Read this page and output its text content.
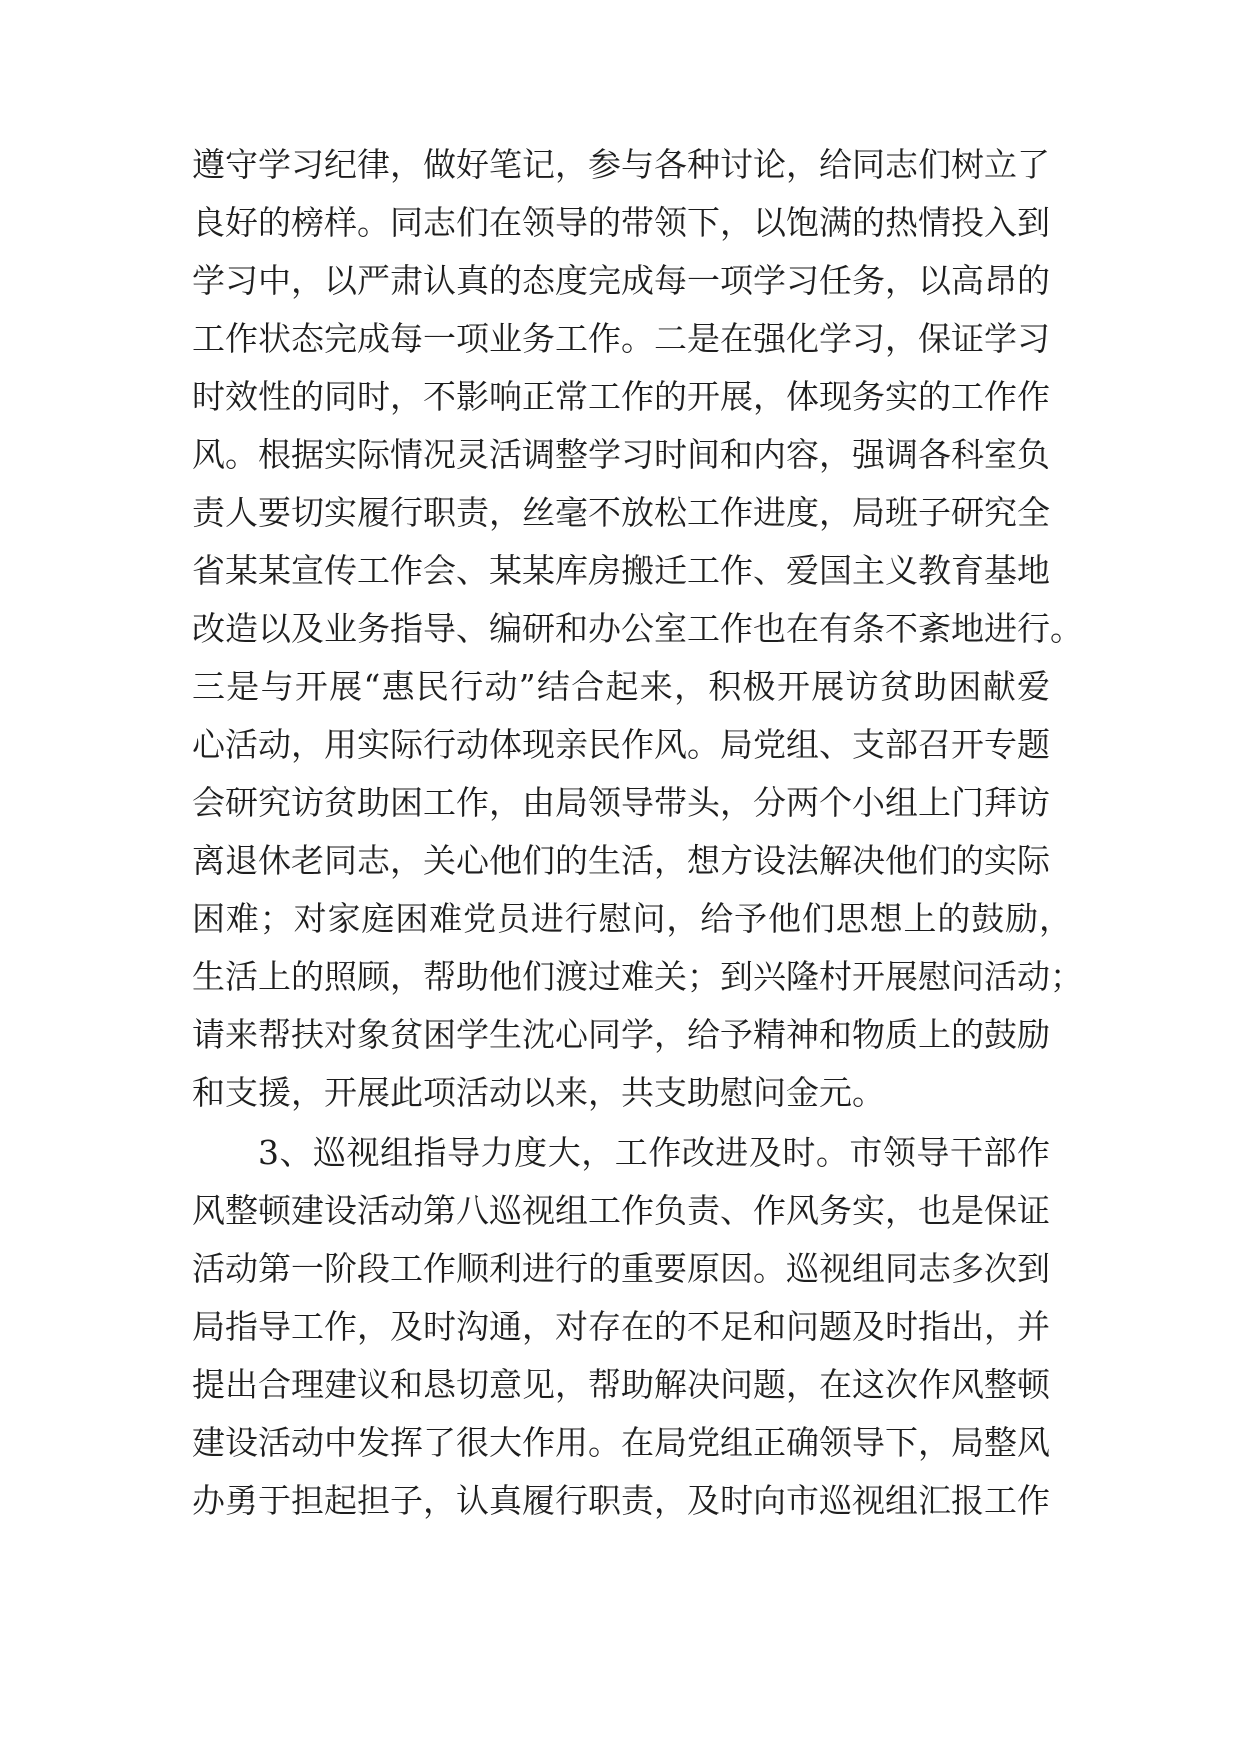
遵守学习纪律，做好笔记，参与各种讨论，给同志们树立了
良好的榜样。同志们在领导的带领下，以饱满的热情投入到
学习中，以严肃认真的态度完成每一项学习任务，以高昂的
工作状态完成每一项业务工作。二是在强化学习，保证学习
时效性的同时，不影响正常工作的开展，体现务实的工作作
风。根据实际情况灵活调整学习时间和内容，强调各科室负
责人要切实履行职责，丝毫不放松工作进度，局班子研究全
省某某宣传工作会、某某库房搬迁工作、爱国主义教育基地
改造以及业务指导、编研和办公室工作也在有条不紊地进行。
三是与开展“惠民行动”结合起来，积极开展访贫助困献爱
心活动，用实际行动体现亲民作风。局党组、支部召开专题
会研究访贫助困工作，由局领导带头，分两个小组上门拜访
离退休老同志，关心他们的生活，想方设法解决他们的实际
困难；对家庭困难党员进行慰问，给予他们思想上的鼓励，
生活上的照顾，帮助他们渡过难关；到兴隆村开展慰问活动；
请来帮扶对象贫困学生沈心同学，给予精神和物质上的鼓励
和支援，开展此项活动以来，共支助慰问金元。
3、巡视组指导力度大，工作改进及时。市领导干部作
风整顿建设活动第八巡视组工作负责、作风务实，也是保证
活动第一阶段工作顺利进行的重要原因。巡视组同志多次到
局指导工作，及时沟通，对存在的不足和问题及时指出，并
提出合理建议和恳切意见，帮助解决问题，在这次作风整顿
建设活动中发挥了很大作用。在局党组正确领导下，局整风
办勇于担起担子，认真履行职责，及时向市巡视组汇报工作
